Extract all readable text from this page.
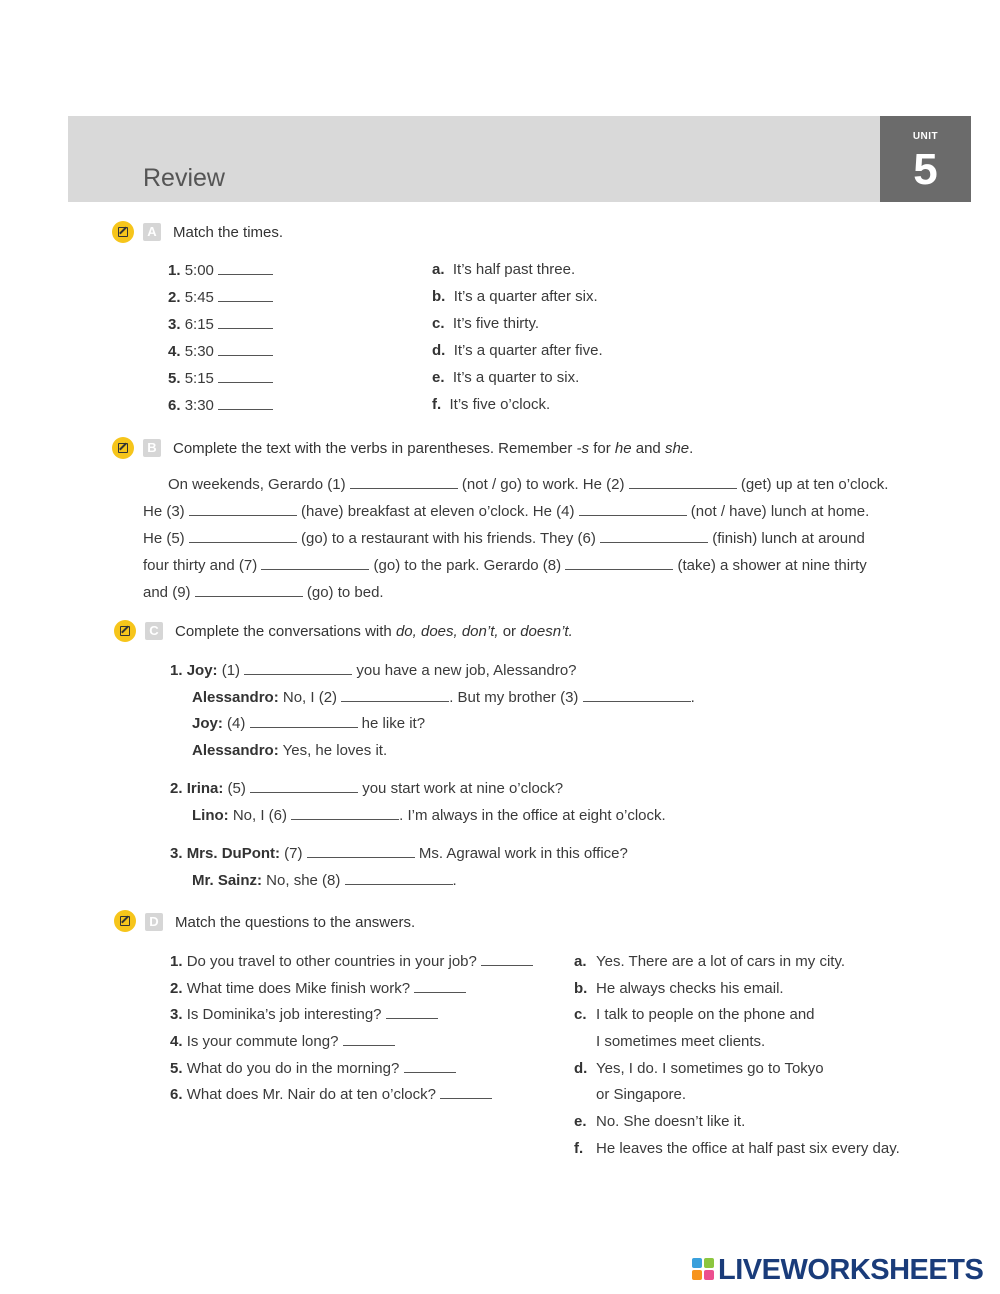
Review
UNIT
5
A Match the times.
1. 5:00
2. 5:45
3. 6:15
4. 5:30
5. 5:15
6. 3:30
a. It’s half past three.
b. It’s a quarter after six.
c. It’s five thirty.
d. It’s a quarter after five.
e. It’s a quarter to six.
f. It’s five o’clock.
B Complete the text with the verbs in parentheses. Remember -s for he and she.
On weekends, Gerardo (1)	(not / go) to work. He (2)	(get) up at ten o’clock.
He (3)	(have) breakfast at eleven o’clock. He (4)	(not / have) lunch at home.
He (5)	(go) to a restaurant with his friends. They (6)	(finish) lunch at around
four thirty and (7)	(go) to the park. Gerardo (8)	(take) a shower at nine thirty
and (9)	(go) to bed.
C Complete the conversations with do, does, don’t, or doesn’t.
1. Joy: (1)	you have a new job, Alessandro?
Alessandro: No, I (2)	. But my brother (3)	.
Joy: (4)	he like it?
Alessandro: Yes, he loves it.
2. Irina: (5)	you start work at nine o’clock?
Lino: No, I (6)	. I’m always in the office at eight o’clock.
3. Mrs. DuPont: (7)	Ms. Agrawal work in this office?
Mr. Sainz: No, she (8)	.
D Match the questions to the answers.
1. Do you travel to other countries in your job?
2. What time does Mike finish work?
3. Is Dominika’s job interesting?
4. Is your commute long?
5. What do you do in the morning?
6. What does Mr. Nair do at ten o’clock?
a. Yes. There are a lot of cars in my city.
b. He always checks his email.
c. I talk to people on the phone and
I sometimes meet clients.
d. Yes, I do. I sometimes go to Tokyo
or Singapore.
e. No. She doesn’t like it.
f. He leaves the office at half past six every day.
LIVEWORKSHEETS
